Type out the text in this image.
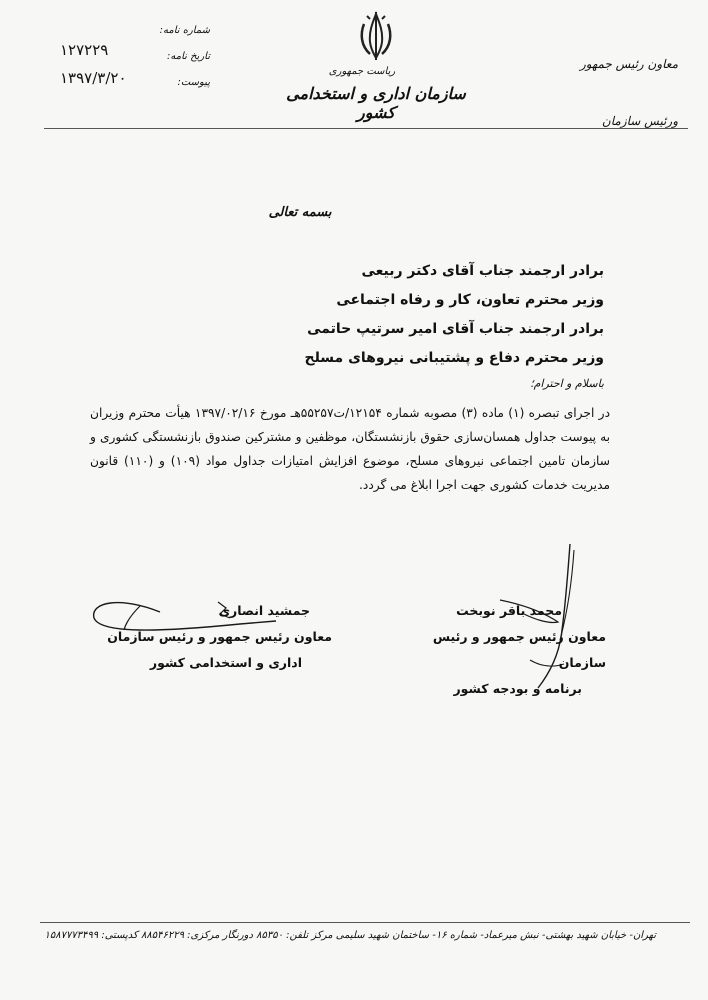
معاون رئیس جمهور
ورئیس سازمان
ریاست جمهوری
سازمان اداری و استخدامی کشور
شماره نامه:
تاریخ نامه:
پیوست:
۱۲۷۲۲۹
۱۳۹۷/۳/۲۰
بسمه تعالی
برادر ارجمند جناب آقای دکتر ربیعی
وزیر محترم تعاون، کار و رفاه اجتماعی
برادر ارجمند جناب آقای امیر سرتیپ حاتمی
وزیر محترم دفاع و پشتیبانی نیروهای مسلح
باسلام و احترام؛
در اجرای تبصره (۱) ماده (۳) مصوبه شماره ۱۲۱۵۴/ت۵۵۲۵۷هـ مورخ ۱۳۹۷/۰۲/۱۶ هیأت محترم وزیران به پیوست جداول همسان‌سازی حقوق بازنشستگان، موظفین و مشترکین صندوق بازنشستگی کشوری و سازمان تامین اجتماعی نیروهای مسلح، موضوع افزایش امتیازات جداول مواد (۱۰۹) و (۱۱۰) قانون مدیریت خدمات کشوری جهت اجرا ابلاغ می گردد.
محمد باقر نوبخت
معاون رئیس جمهور و رئیس سازمان
برنامه و بودجه کشور
جمشید انصاری
معاون رئیس جمهور و رئیس سازمان
اداری و استخدامی کشور
تهران- خیابان شهید بهشتی- نبش میرعماد- شماره ۱۶- ساختمان شهید سلیمی مرکز تلفن: ۸۵۳۵۰ دورنگار مرکزی: ۸۸۵۴۶۲۲۹ کدپستی: ۱۵۸۷۷۷۳۴۹۹
